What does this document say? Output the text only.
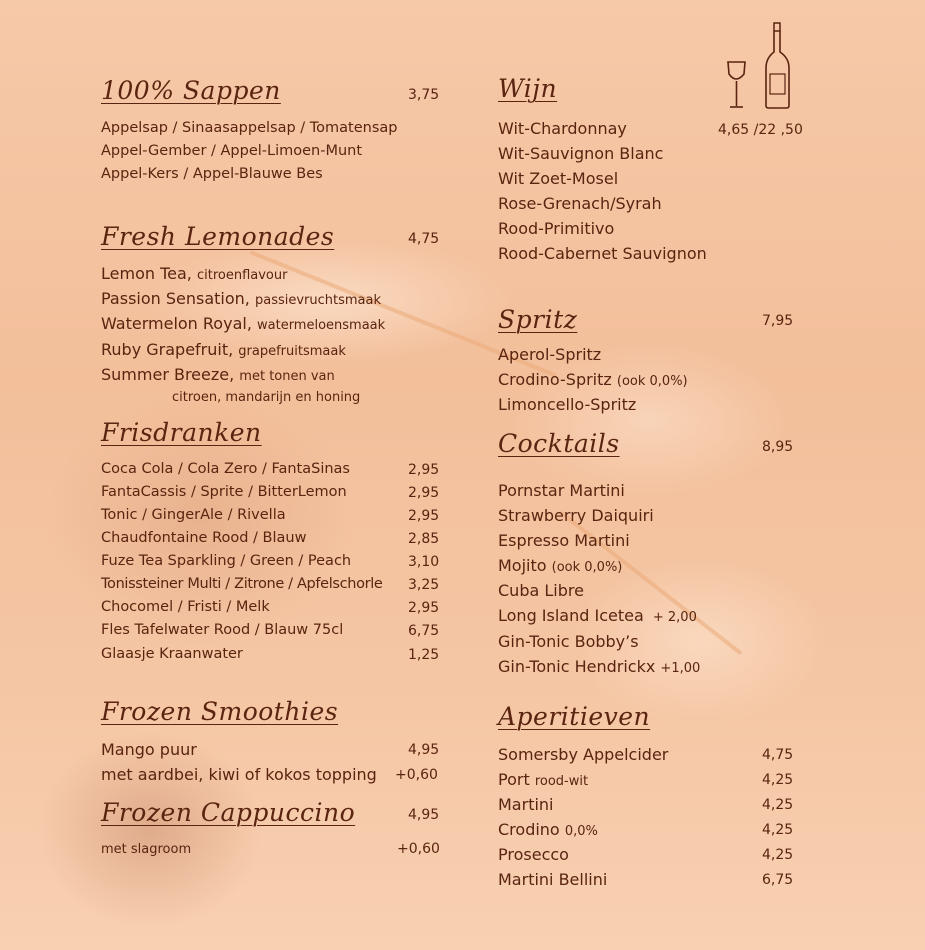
100% Sappen	3,75
Appelsap / Sinaasappelsap / Tomatensap
Appel-Gember / Appel-Limoen-Munt
Appel-Kers / Appel-Blauwe Bes
Fresh Lemonades	4,75
Lemon Tea, citroenflavour
Passion Sensation, passievruchtsmaak
Watermelon Royal, watermeloensmaak
Ruby Grapefruit, grapefruitsmaak
Summer Breeze, met tonen van
citroen, mandarijn en honing
Frisdranken
Coca Cola / Cola Zero / FantaSinas	2,95
FantaCassis / Sprite / BitterLemon	2,95
Tonic / GingerAle / Rivella	2,95
Chaudfontaine Rood / Blauw	2,85
Fuze Tea Sparkling / Green / Peach	3,10
Tonissteiner Multi / Zitrone / Apfelschorle 3,25
Chocomel / Fristi / Melk	2,95
Fles Tafelwater Rood / Blauw 75cl	6,75
Glaasje Kraanwater	1,25
Frozen Smoothies
Mango puur	4,95
met aardbei, kiwi of kokos topping +0,60
Frozen Cappuccino	4,95
met slagroom	+0,60
Wijn
4,65 /22 ,50
Wit-Chardonnay
Wit-Sauvignon Blanc
Wit Zoet-Mosel
Rose-Grenach/Syrah
Rood-Primitivo
Rood-Cabernet Sauvignon
Spritz	7,95
Aperol-Spritz
Crodino-Spritz (ook 0,0%)
Limoncello-Spritz
Cocktails	8,95
Pornstar Martini
Strawberry Daiquiri
Espresso Martini
Mojito (ook 0,0%)
Cuba Libre
Long Island Icetea + 2,00
Gin-Tonic Bobby’s
Gin-Tonic Hendrickx +1,00
Aperitieven
Somersby Appelcider	4,75
Port rood-wit	4,25
Martini	4,25
Crodino 0,0%	4,25
Prosecco	4,25
Martini Bellini	6,75
